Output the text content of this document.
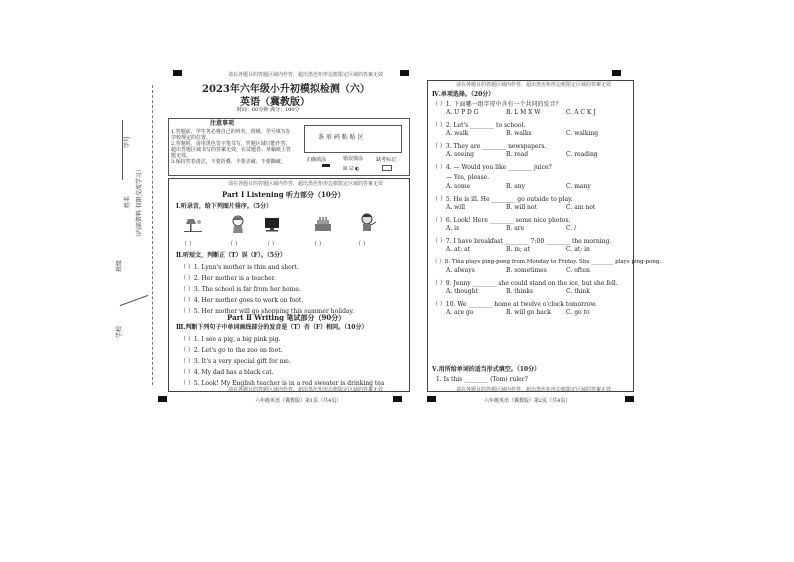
学号
姓名 （内部资料 仅限交流学习）
班级
学校
请在各题目的答题区域内作答，超出黑色矩形边框限定区域的答案无效
2023年六年级小升初模拟检测（六）
英语（冀教版）
时间：60分钟 满分：100分
注意事项
1.答题前，学生务必将自己的姓名、班级、学号填写在
学校规定的位置。
2.答题时，请用黑色签字笔书写，答题区域只能作答，
超出答题区域书写的答案无效，在试题卷、草稿纸上答
题无效。
3.保持答卷清洁，不要折叠、不要弄破、不要撕破。
条 形 码 粘 贴 区
正确填涂	错误填涂
☒ ☑ ◐
缺考标记
请在各题目的答题区域内作答，超出黑色矩形边框限定区域的答案无效
Part Ⅰ Listening 听力部分（10分）
Ⅰ.听录音，给下列图片排序。（5分）
（ ）	（ ）	（ ）	（ ）	（ ）
Ⅱ.听短文，判断正（T）误（F）。（5分）
（ ）1. Lynn's mother is thin and short.
（ ）2. Her mother is a teacher.
（ ）3. The school is far from her home.
（ ）4. Her mother goes to work on foot.
（ ）5. Her mother will go shopping this summer holiday.
Part Ⅱ Writing 笔试部分（90分）
Ⅲ.判断下列句子中单词画线部分的发音是（T）否（F）相同。（10分）
（ ）1. I see a pig, a big pink pig.
（ ）2. Let's go to the zoo on foot.
（ ）3. It's a very special gift for me.
（ ）4. My dad has a black cat.
（ ）5. Look! My English teacher is in a red sweater is drinking tea
请在各题目的答题区域内作答，超出黑色矩形边框限定区域的答案无效
六年级英语（冀教版）第1页（共4页）
请在各题目的答题区域内作答，超出黑色矩形边框限定区域的答案无效
Ⅳ.单项选择。（20分）
（ ）1. 下面哪一组字母中含有一个共同的发音？
A. U P D G	B. L M X W	C. A C K J
（ ）2. Let's ________ to school.
A. walk	B. walks	C. walking
（ ）3. They are ________ newspapers.
A. seeing	B. read	C. reading
（ ）4. — Would you like ________ juice?
— Yes, please.
A. some	B. any	C. many
（ ）5. He is ill. He ________ go outside to play.
A. will	B. will not	C. am not
（ ）6. Look! Here ________ some nice photos.
A. is	B. are	C. /
（ ）7. I have breakfast ________ 7:00 ________ the morning.
A. at; at	B. in; at	C. at; in
（ ）8. Tina plays ping-pong from Monday to Friday. She ________ plays ping-pong.
A. always	B. sometimes	C. often
（ ）9. Jenny ________ she could stand on the ice, but she fell.
A. thought	B. thinks	C. think
（ ）10. We ________ home at twelve o'clock tomorrow.
A. are go	B. will go back	C. go to
Ⅴ.用所给单词的适当形式填空。（10分）
1. Is this ________ (Tom) ruler?
请在各题目的答题区域内作答，超出黑色矩形边框限定区域的答案无效
六年级英语（冀教版）第2页（共4页）
